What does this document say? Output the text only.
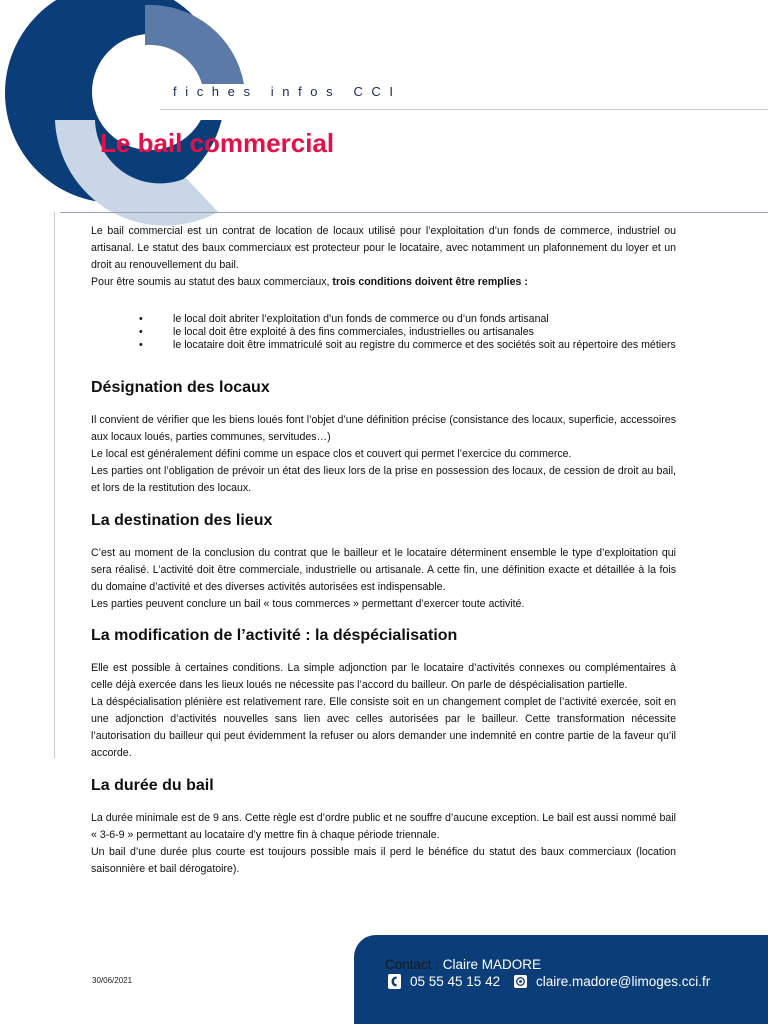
fiches infos CCI
Le bail commercial

Le bail commercial est un contrat de location de locaux utilisé pour l’exploitation d’un fonds de commerce, industriel ou artisanal. Le statut des baux commerciaux est protecteur pour le locataire, avec notamment un plafonnement du loyer et un droit au renouvellement du bail.

Pour être soumis au statut des baux commerciaux, trois conditions doivent être remplies :

• le local doit abriter l’exploitation d’un fonds de commerce ou d’un fonds artisanal
• le local doit être exploité à des fins commerciales, industrielles ou artisanales
• le locataire doit être immatriculé soit au registre du commerce et des sociétés soit au répertoire des métiers
Désignation des locaux

Il convient de vérifier que les biens loués font l’objet d’une définition précise (consistance des locaux, superficie, accessoires aux locaux loués, parties communes, servitudes…)

Le local est généralement défini comme un espace clos et couvert qui permet l’exercice du commerce.

Les parties ont l’obligation de prévoir un état des lieux lors de la prise en possession des locaux, de cession de droit au bail, et lors de la restitution des locaux.

La destination des lieux

C’est au moment de la conclusion du contrat que le bailleur et le locataire déterminent ensemble le type d’exploitation qui sera réalisé. L’activité doit être commerciale, industrielle ou artisanale. A cette fin, une définition exacte et détaillée à la fois du domaine d’activité et des diverses activités autorisées est indispensable.

Les parties peuvent conclure un bail « tous commerces » permettant d’exercer toute activité.

La modification de l’activité : la déspécialisation

Elle est possible à certaines conditions. La simple adjonction par le locataire d’activités connexes ou complémentaires à celle déjà exercée dans les lieux loués ne nécessite pas l’accord du bailleur. On parle de déspécialisation partielle.

La déspécialisation plénière est relativement rare. Elle consiste soit en un changement complet de l’activité exercée, soit en une adjonction d’activités nouvelles sans lien avec celles autorisées par le bailleur. Cette transformation nécessite l’autorisation du bailleur qui peut évidemment la refuser ou alors demander une indemnité en contre partie de la faveur qu’il accorde.

La durée du bail

La durée minimale est de 9 ans. Cette règle est d’ordre public et ne souffre d’aucune exception. Le bail est aussi nommé bail « 3-6-9 » permettant au locataire d’y mettre fin à chaque période triennale.

Un bail d’une durée plus courte est toujours possible mais il perd le bénéfice du statut des baux commerciaux (location saisonnière et bail dérogatoire).

30/06/2021
Contact : Claire MADORE
05 55 45 15 42	claire.madore@limoges.cci.fr
